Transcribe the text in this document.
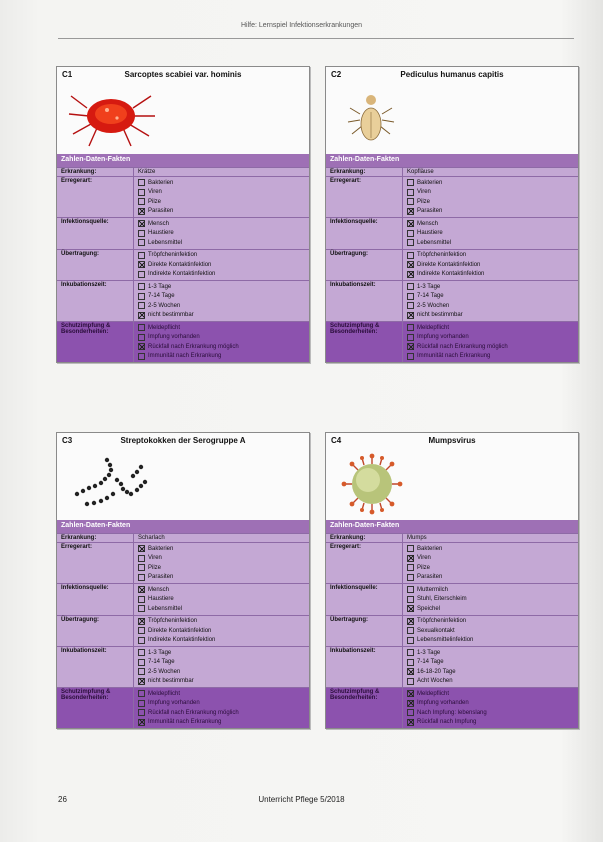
Hilfe: Lernspiel Infektionserkrankungen
C1	Sarcoptes scabiei var. hominis
Zahlen-Daten-Fakten
Erkrankung:	Krätze
Erregerart:	Bakterien
Viren
Pilze
Parasiten
Infektionsquelle:	Mensch
Haustiere
Lebensmittel
Übertragung:	Tröpfcheninfektion
Direkte Kontaktinfektion
Indirekte Kontaktinfektion
Inkubationszeit:	1-3 Tage
7-14 Tage
2-5 Wochen
nicht bestimmbar
Schutzimpfung &
Besonderheiten:
Meldepflicht
Impfung vorhanden
Rückfall nach Erkrankung möglich
Immunität nach Erkrankung
C2	Pediculus humanus capitis
Zahlen-Daten-Fakten
Erkrankung:	Kopfläuse
Erregerart:	Bakterien
Viren
Pilze
Parasiten
Infektionsquelle:	Mensch
Haustiere
Lebensmittel
Übertragung:	Tröpfcheninfektion
Direkte Kontaktinfektion
Indirekte Kontaktinfektion
Inkubationszeit:	1-3 Tage
7-14 Tage
2-5 Wochen
nicht bestimmbar
Schutzimpfung &
Besonderheiten:
Meldepflicht
Impfung vorhanden
Rückfall nach Erkrankung möglich
Immunität nach Erkrankung
C3	Streptokokken der Serogruppe A
Zahlen-Daten-Fakten
Erkrankung:	Scharlach
Erregerart:	Bakterien
Viren
Pilze
Parasiten
Infektionsquelle:	Mensch
Haustiere
Lebensmittel
Übertragung:	Tröpfcheninfektion
Direkte Kontaktinfektion
Indirekte Kontaktinfektion
Inkubationszeit:	1-3 Tage
7-14 Tage
2-5 Wochen
nicht bestimmbar
Schutzimpfung &
Besonderheiten:
Meldepflicht
Impfung vorhanden
Rückfall nach Erkrankung möglich
Immunität nach Erkrankung
C4	Mumpsvirus
Zahlen-Daten-Fakten
Erkrankung:	Mumps
Erregerart:	Bakterien
Viren
Pilze
Parasiten
Infektionsquelle:	Muttermilch
Stuhl, Eiterschleim
Speichel
Übertragung:	Tröpfcheninfektion
Sexualkontakt
Lebensmittelinfektion
Inkubationszeit:	1-3 Tage
7-14 Tage
16-18-20 Tage
Acht Wochen
Schutzimpfung &
Besonderheiten:
Meldepflicht
Impfung vorhanden
Nach Impfung: lebenslang
Rückfall nach Impfung
26	Unterricht Pflege 5/2018
